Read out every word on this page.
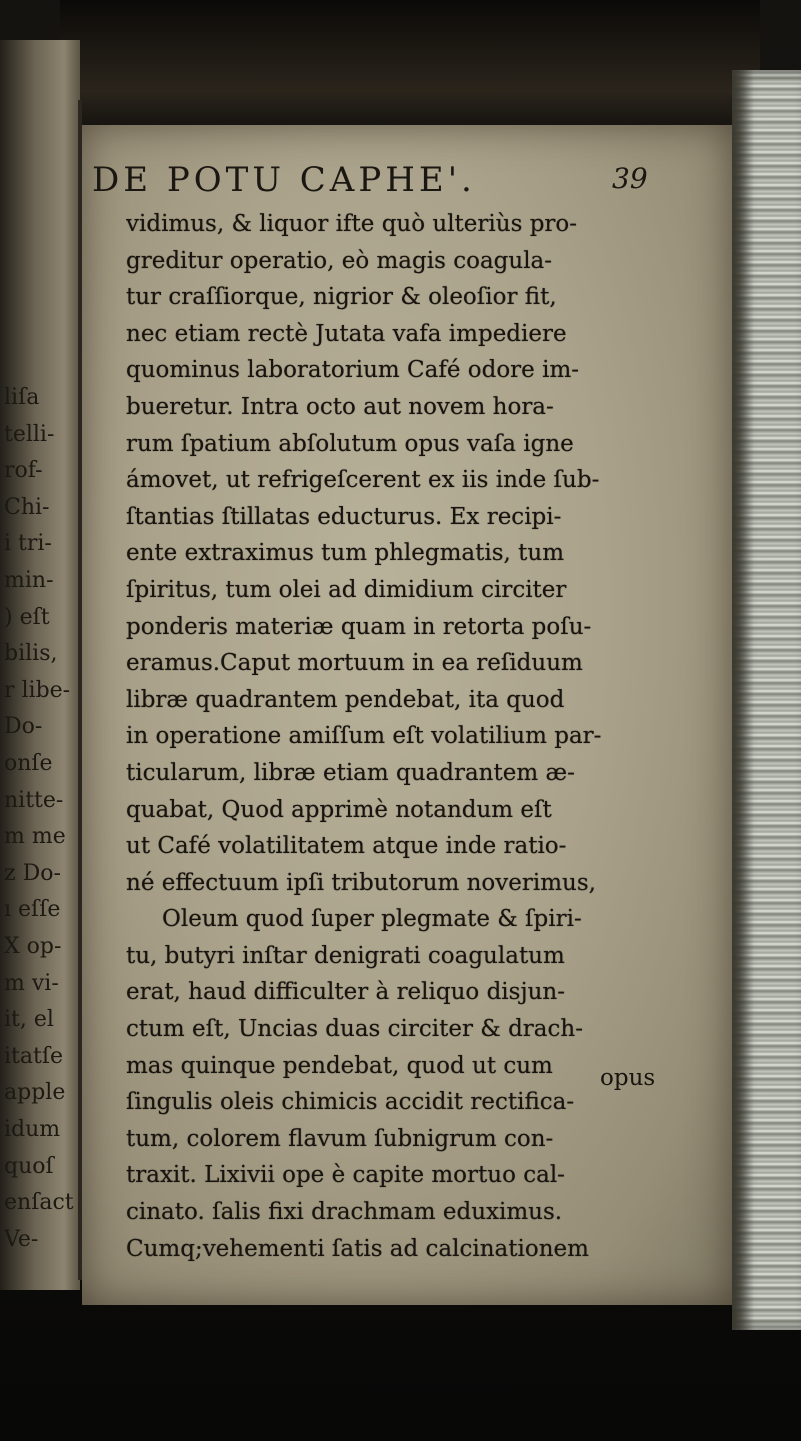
liſa
telli-
rof-
Chi-
i tri-
min-
) eſt
bilis,
r libe-
Do-
onſe
nitte-
m me
z Do-
ı eſſe
X op-
m vi-
it, el
itatſe
apple
idum
quoſ
enſact
Ve-
DE POTU CAPHE'.	39
vidimus, & liquor ifte quò ulteriùs pro-
greditur operatio, eò magis coagula-
tur craſſiorque, nigrior & oleoſior fit,
nec etiam rectè Jutata vafa impediere
quominus laboratorium Café odore im-
bueretur. Intra octo aut novem hora-
rum ſpatium abſolutum opus vaſa igne
ámovet, ut refrigeſcerent ex iis inde ſub-
ſtantias ſtillatas educturus. Ex recipi-
ente extraximus tum phlegmatis, tum
ſpiritus, tum olei ad dimidium circiter
ponderis materiæ quam in retorta poſu-
eramus.Caput mortuum in ea reſiduum
libræ quadrantem pendebat, ita quod
in operatione amiſſum eſt volatilium par-
ticularum, libræ etiam quadrantem æ-
quabat, Quod apprimè notandum eſt
ut Café volatilitatem atque inde ratio-
né effectuum ipſi tributorum noverimus,
Oleum quod ſuper plegmate & ſpiri-
tu, butyri inſtar denigrati coagulatum
erat, haud difficulter à reliquo disjun-
ctum eſt, Uncias duas circiter & drach-
mas quinque pendebat, quod ut cum
ſingulis oleis chimicis accidit rectifica-
tum, colorem flavum ſubnigrum con-
traxit. Lixivii ope è capite mortuo cal-
cinato. ſalis fixi drachmam eduximus.
Cumq;vehementi ſatis ad calcinationem
opus
